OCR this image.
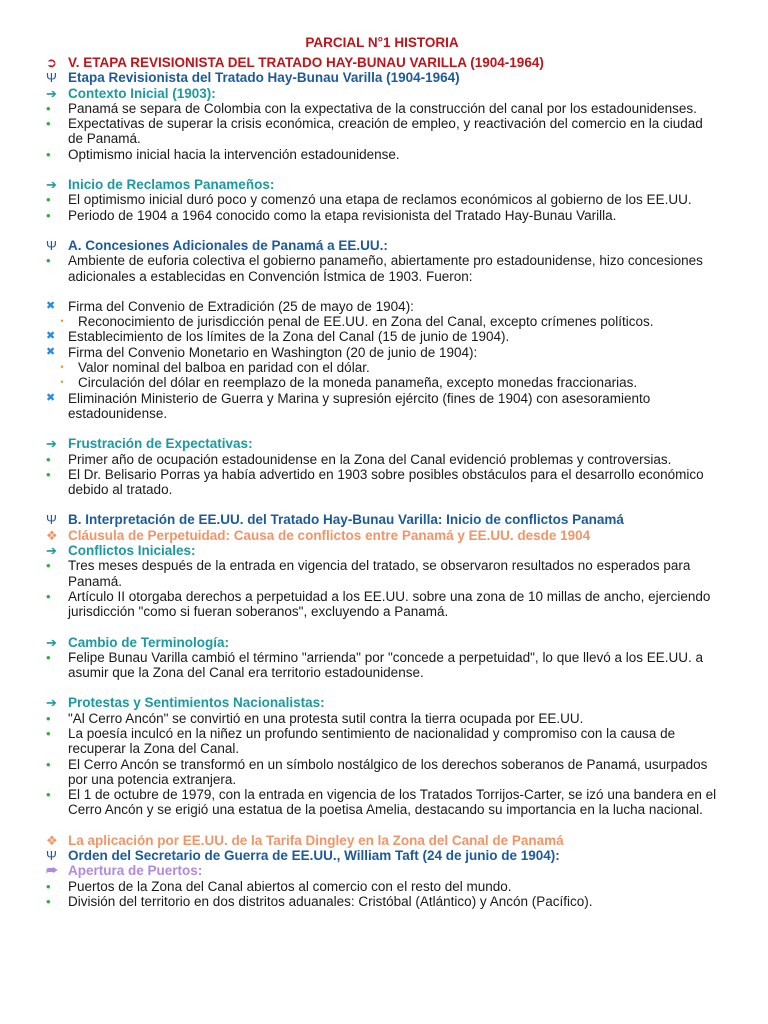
PARCIAL N°1 HISTORIA
➲ V. ETAPA REVISIONISTA DEL TRATADO HAY-BUNAU VARILLA (1904-1964)
Ψ Etapa Revisionista del Tratado Hay-Bunau Varilla (1904-1964)
➔ Contexto Inicial (1903):
•	Panamá se separa de Colombia con la expectativa de la construcción del canal por los estadounidenses.
•	Expectativas de superar la crisis económica, creación de empleo, y reactivación del comercio en la ciudad de Panamá.
•	Optimismo inicial hacia la intervención estadounidense.
➔ Inicio de Reclamos Panameños:
•	El optimismo inicial duró poco y comenzó una etapa de reclamos económicos al gobierno de los EE.UU.
•	Periodo de 1904 a 1964 conocido como la etapa revisionista del Tratado Hay-Bunau Varilla.
Ψ A. Concesiones Adicionales de Panamá a EE.UU.:
•	Ambiente de euforia colectiva el gobierno panameño, abiertamente pro estadounidense, hizo concesiones adicionales a establecidas en Convención Ístmica de 1903. Fueron:
✖ Firma del Convenio de Extradición (25 de mayo de 1904):
•	Reconocimiento de jurisdicción penal de EE.UU. en Zona del Canal, excepto crímenes políticos.
✖ Establecimiento de los límites de la Zona del Canal (15 de junio de 1904).
✖ Firma del Convenio Monetario en Washington (20 de junio de 1904):
•	Valor nominal del balboa en paridad con el dólar.
•	Circulación del dólar en reemplazo de la moneda panameña, excepto monedas fraccionarias.
✖ Eliminación Ministerio de Guerra y Marina y supresión ejército (fines de 1904) con asesoramiento estadounidense.
➔ Frustración de Expectativas:
•	Primer año de ocupación estadounidense en la Zona del Canal evidenció problemas y controversias.
•	El Dr. Belisario Porras ya había advertido en 1903 sobre posibles obstáculos para el desarrollo económico debido al tratado.
Ψ B. Interpretación de EE.UU. del Tratado Hay-Bunau Varilla: Inicio de conflictos Panamá
❖ Cláusula de Perpetuidad: Causa de conflictos entre Panamá y EE.UU. desde 1904
➔ Conflictos Iniciales:
•	Tres meses después de la entrada en vigencia del tratado, se observaron resultados no esperados para Panamá.
•	Artículo II otorgaba derechos a perpetuidad a los EE.UU. sobre una zona de 10 millas de ancho, ejerciendo jurisdicción "como si fueran soberanos", excluyendo a Panamá.
➔ Cambio de Terminología:
•	Felipe Bunau Varilla cambió el término "arrienda" por "concede a perpetuidad", lo que llevó a los EE.UU. a asumir que la Zona del Canal era territorio estadounidense.
➔ Protestas y Sentimientos Nacionalistas:
•	"Al Cerro Ancón" se convirtió en una protesta sutil contra la tierra ocupada por EE.UU.
•	La poesía inculcó en la niñez un profundo sentimiento de nacionalidad y compromiso con la causa de recuperar la Zona del Canal.
•	El Cerro Ancón se transformó en un símbolo nostálgico de los derechos soberanos de Panamá, usurpados por una potencia extranjera.
•	El 1 de octubre de 1979, con la entrada en vigencia de los Tratados Torrijos-Carter, se izó una bandera en el Cerro Ancón y se erigió una estatua de la poetisa Amelia, destacando su importancia en la lucha nacional.
❖ La aplicación por EE.UU. de la Tarifa Dingley en la Zona del Canal de Panamá
Ψ Orden del Secretario de Guerra de EE.UU., William Taft (24 de junio de 1904):
⮫ Apertura de Puertos:
•	Puertos de la Zona del Canal abiertos al comercio con el resto del mundo.
•	División del territorio en dos distritos aduanales: Cristóbal (Atlántico) y Ancón (Pacífico).
